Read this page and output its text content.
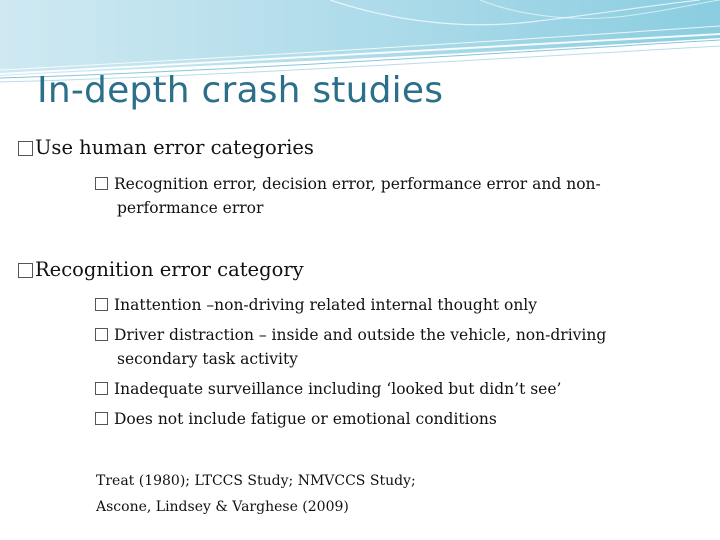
In-depth crash studies
Use human error categories
Recognition error, decision error, performance error and non-performance error
Recognition error category
Inattention –non-driving related internal thought only
Driver distraction – inside and outside the vehicle, non-driving secondary task activity
Inadequate surveillance including ‘looked but didn’t see’
Does not include fatigue or emotional conditions
Treat (1980); LTCCS Study; NMVCCS Study;
Ascone, Lindsey & Varghese (2009)
